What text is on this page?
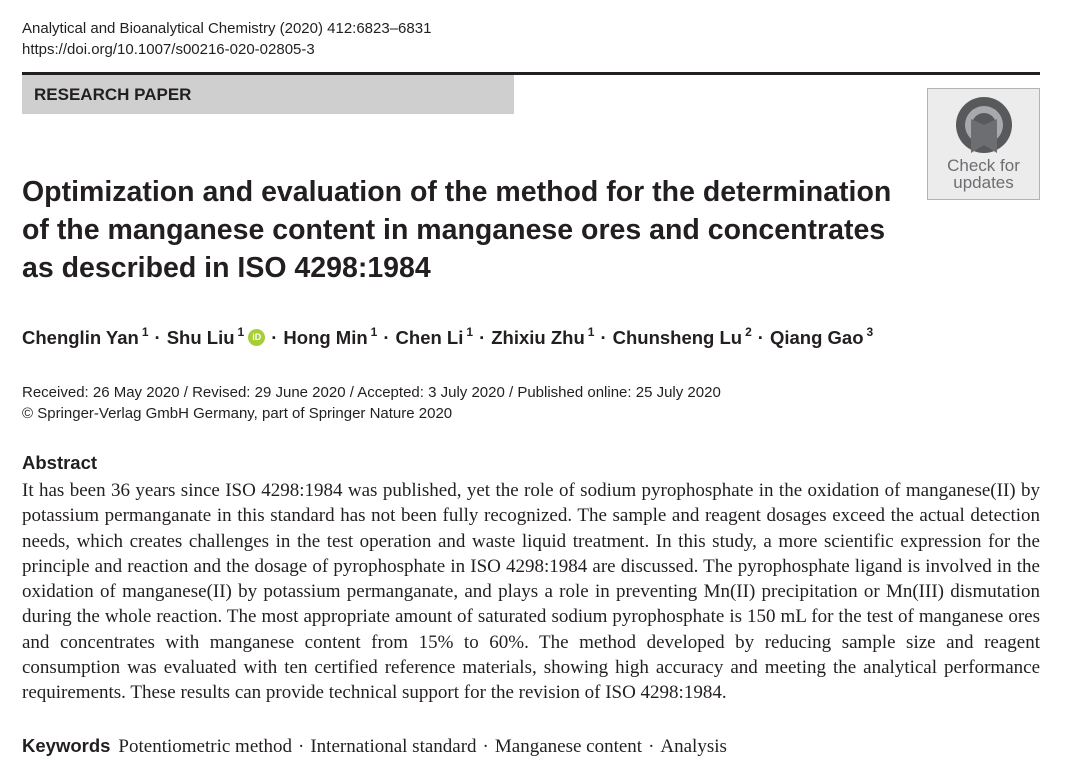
Analytical and Bioanalytical Chemistry (2020) 412:6823–6831
https://doi.org/10.1007/s00216-020-02805-3
RESEARCH PAPER
Check for
updates
Optimization and evaluation of the method for the determination of the manganese content in manganese ores and concentrates as described in ISO 4298:1984
Chenglin Yan $^1$ · Shu Liu $^1$ iD · Hong Min $^1$ · Chen Li $^1$ · Zhixiu Zhu $^1$ · Chunsheng Lu $^2$ · Qiang Gao $^3$
Received: 26 May 2020 / Revised: 29 June 2020 / Accepted: 3 July 2020 / Published online: 25 July 2020
© Springer-Verlag GmbH Germany, part of Springer Nature 2020
Abstract

It has been 36 years since ISO 4298:1984 was published, yet the role of sodium pyrophosphate in the oxidation of manganese(II) by potassium permanganate in this standard has not been fully recognized. The sample and reagent dosages exceed the actual detection needs, which creates challenges in the test operation and waste liquid treatment. In this study, a more scientific expression for the principle and reaction and the dosage of pyrophosphate in ISO 4298:1984 are discussed. The pyrophosphate ligand is involved in the oxidation of manganese(II) by potassium permanganate, and plays a role in preventing Mn(II) precipitation or Mn(III) dismutation during the whole reaction. The most appropriate amount of saturated sodium pyrophosphate is 150 mL for the test of manganese ores and concentrates with manganese content from 15% to 60%. The method developed by reducing sample size and reagent consumption was evaluated with ten certified reference materials, showing high accuracy and meeting the analytical performance requirements. These results can provide technical support for the revision of ISO 4298:1984.

Keywords Potentiometric method · International standard · Manganese content · Analysis
